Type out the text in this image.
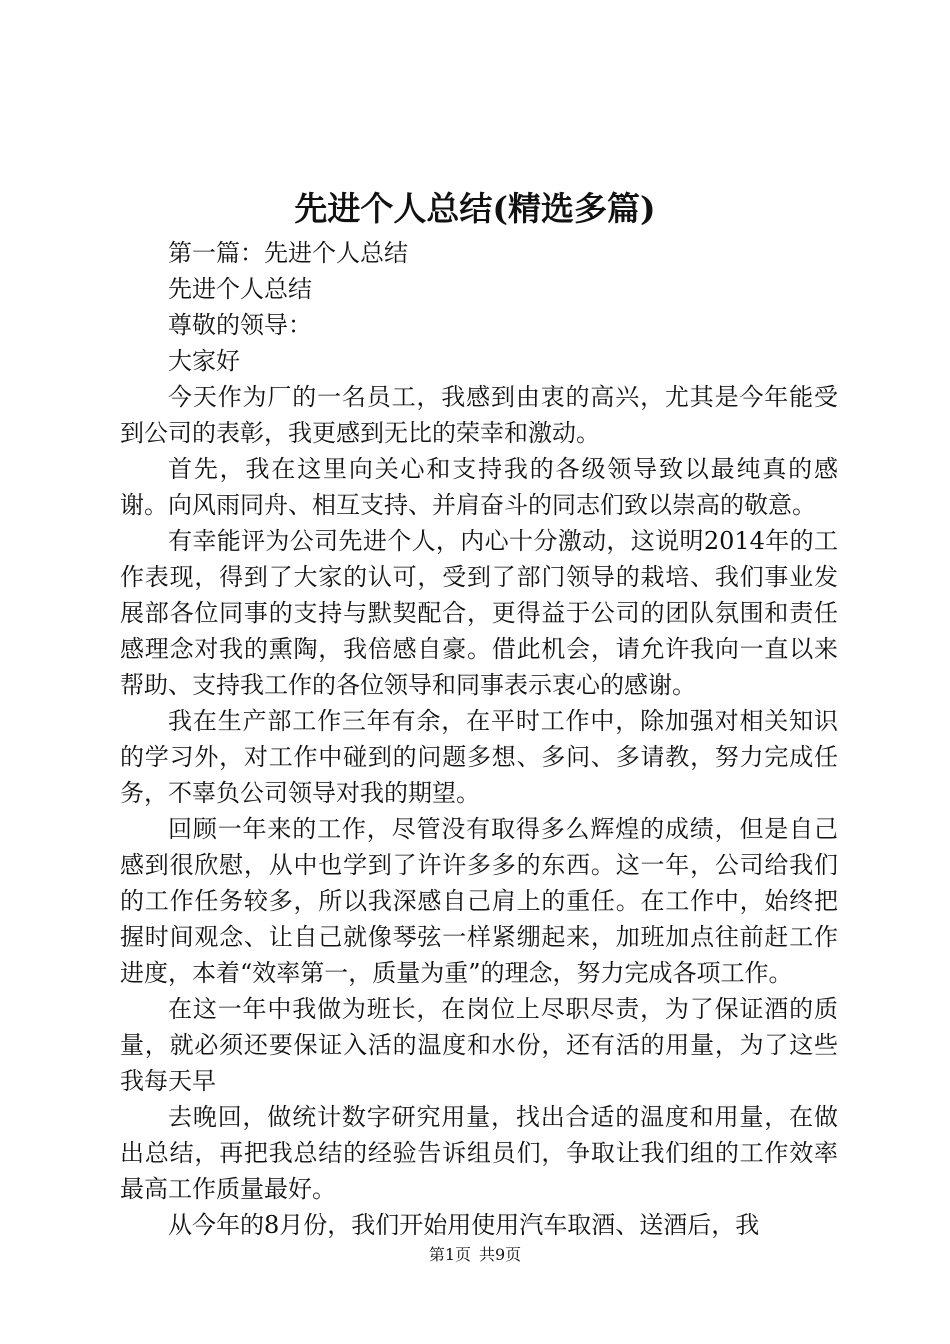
先进个人总结(精选多篇)

第一篇：先进个人总结

先进个人总结

尊敬的领导：

大家好

今天作为厂的一名员工，我感到由衷的高兴，尤其是今年能受到公司的表彰，我更感到无比的荣幸和激动。

首先，我在这里向关心和支持我的各级领导致以最纯真的感谢。向风雨同舟、相互支持、并肩奋斗的同志们致以崇高的敬意。

有幸能评为公司先进个人，内心十分激动，这说明2014年的工作表现，得到了大家的认可，受到了部门领导的栽培、我们事业发展部各位同事的支持与默契配合，更得益于公司的团队氛围和责任感理念对我的熏陶，我倍感自豪。借此机会，请允许我向一直以来帮助、支持我工作的各位领导和同事表示衷心的感谢。

我在生产部工作三年有余，在平时工作中，除加强对相关知识的学习外，对工作中碰到的问题多想、多问、多请教，努力完成任务，不辜负公司领导对我的期望。

回顾一年来的工作，尽管没有取得多么辉煌的成绩，但是自己感到很欣慰，从中也学到了许许多多的东西。这一年，公司给我们的工作任务较多，所以我深感自己肩上的重任。在工作中，始终把握时间观念、让自己就像琴弦一样紧绷起来，加班加点往前赶工作进度，本着“效率第一，质量为重”的理念，努力完成各项工作。

在这一年中我做为班长，在岗位上尽职尽责，为了保证酒的质量，就必须还要保证入活的温度和水份，还有活的用量，为了这些我每天早

去晚回，做统计数字研究用量，找出合适的温度和用量，在做出总结，再把我总结的经验告诉组员们，争取让我们组的工作效率最高工作质量最好。

从今年的8月份，我们开始用使用汽车取酒、送酒后，我

第1页 共9页
